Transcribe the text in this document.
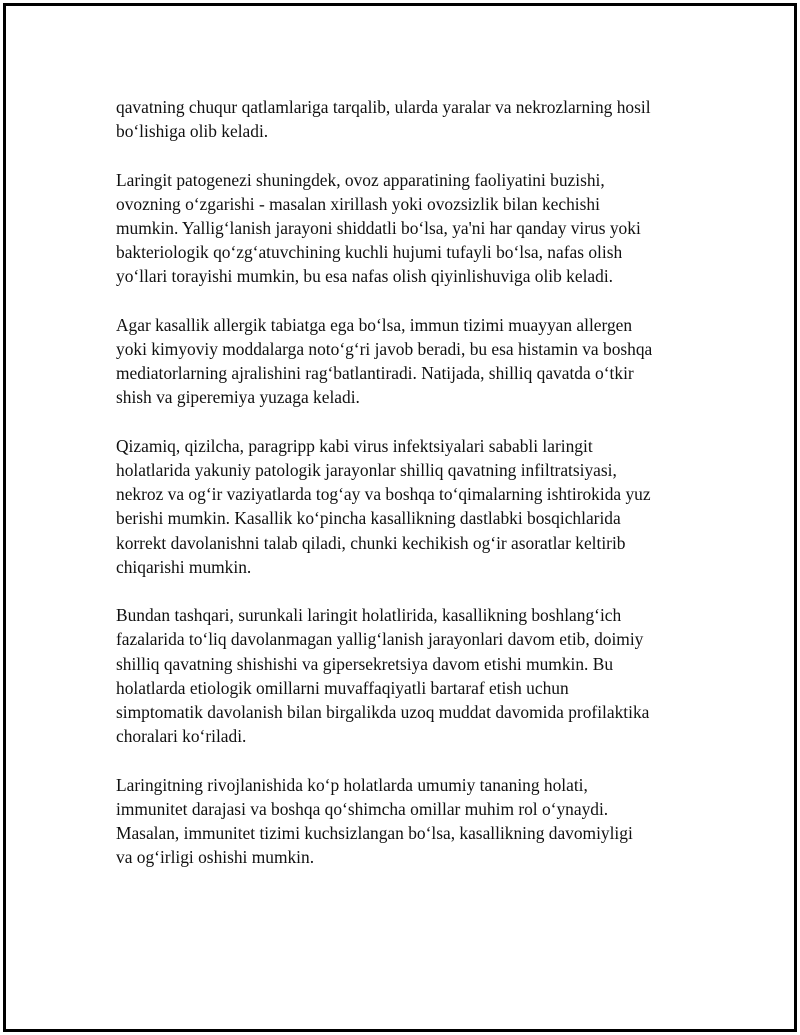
qavatning chuqur qatlamlariga tarqalib, ularda yaralar va nekrozlarning hosil
bo‘lishiga olib keladi.

Laringit patogenezi shuningdek, ovoz apparatining faoliyatini buzishi,
ovozning o‘zgarishi - masalan xirillash yoki ovozsizlik bilan kechishi
mumkin. Yallig‘lanish jarayoni shiddatli bo‘lsa, ya'ni har qanday virus yoki
bakteriologik qo‘zg‘atuvchining kuchli hujumi tufayli bo‘lsa, nafas olish
yo‘llari torayishi mumkin, bu esa nafas olish qiyinlishuviga olib keladi.

Agar kasallik allergik tabiatga ega bo‘lsa, immun tizimi muayyan allergen
yoki kimyoviy moddalarga noto‘g‘ri javob beradi, bu esa histamin va boshqa
mediatorlarning ajralishini rag‘batlantiradi. Natijada, shilliq qavatda o‘tkir
shish va giperemiya yuzaga keladi.

Qizamiq, qizilcha, paragripp kabi virus infektsiyalari sababli laringit
holatlarida yakuniy patologik jarayonlar shilliq qavatning infiltratsiyasi,
nekroz va og‘ir vaziyatlarda tog‘ay va boshqa to‘qimalarning ishtirokida yuz
berishi mumkin. Kasallik ko‘pincha kasallikning dastlabki bosqichlarida
korrekt davolanishni talab qiladi, chunki kechikish og‘ir asoratlar keltirib
chiqarishi mumkin.

Bundan tashqari, surunkali laringit holatlirida, kasallikning boshlang‘ich
fazalarida to‘liq davolanmagan yallig‘lanish jarayonlari davom etib, doimiy
shilliq qavatning shishishi va gipersekretsiya davom etishi mumkin. Bu
holatlarda etiologik omillarni muvaffaqiyatli bartaraf etish uchun
simptomatik davolanish bilan birgalikda uzoq muddat davomida profilaktika
choralari ko‘riladi.

Laringitning rivojlanishida ko‘p holatlarda umumiy tananing holati,
immunitet darajasi va boshqa qo‘shimcha omillar muhim rol o‘ynaydi.
Masalan, immunitet tizimi kuchsizlangan bo‘lsa, kasallikning davomiyligi
va og‘irligi oshishi mumkin.
